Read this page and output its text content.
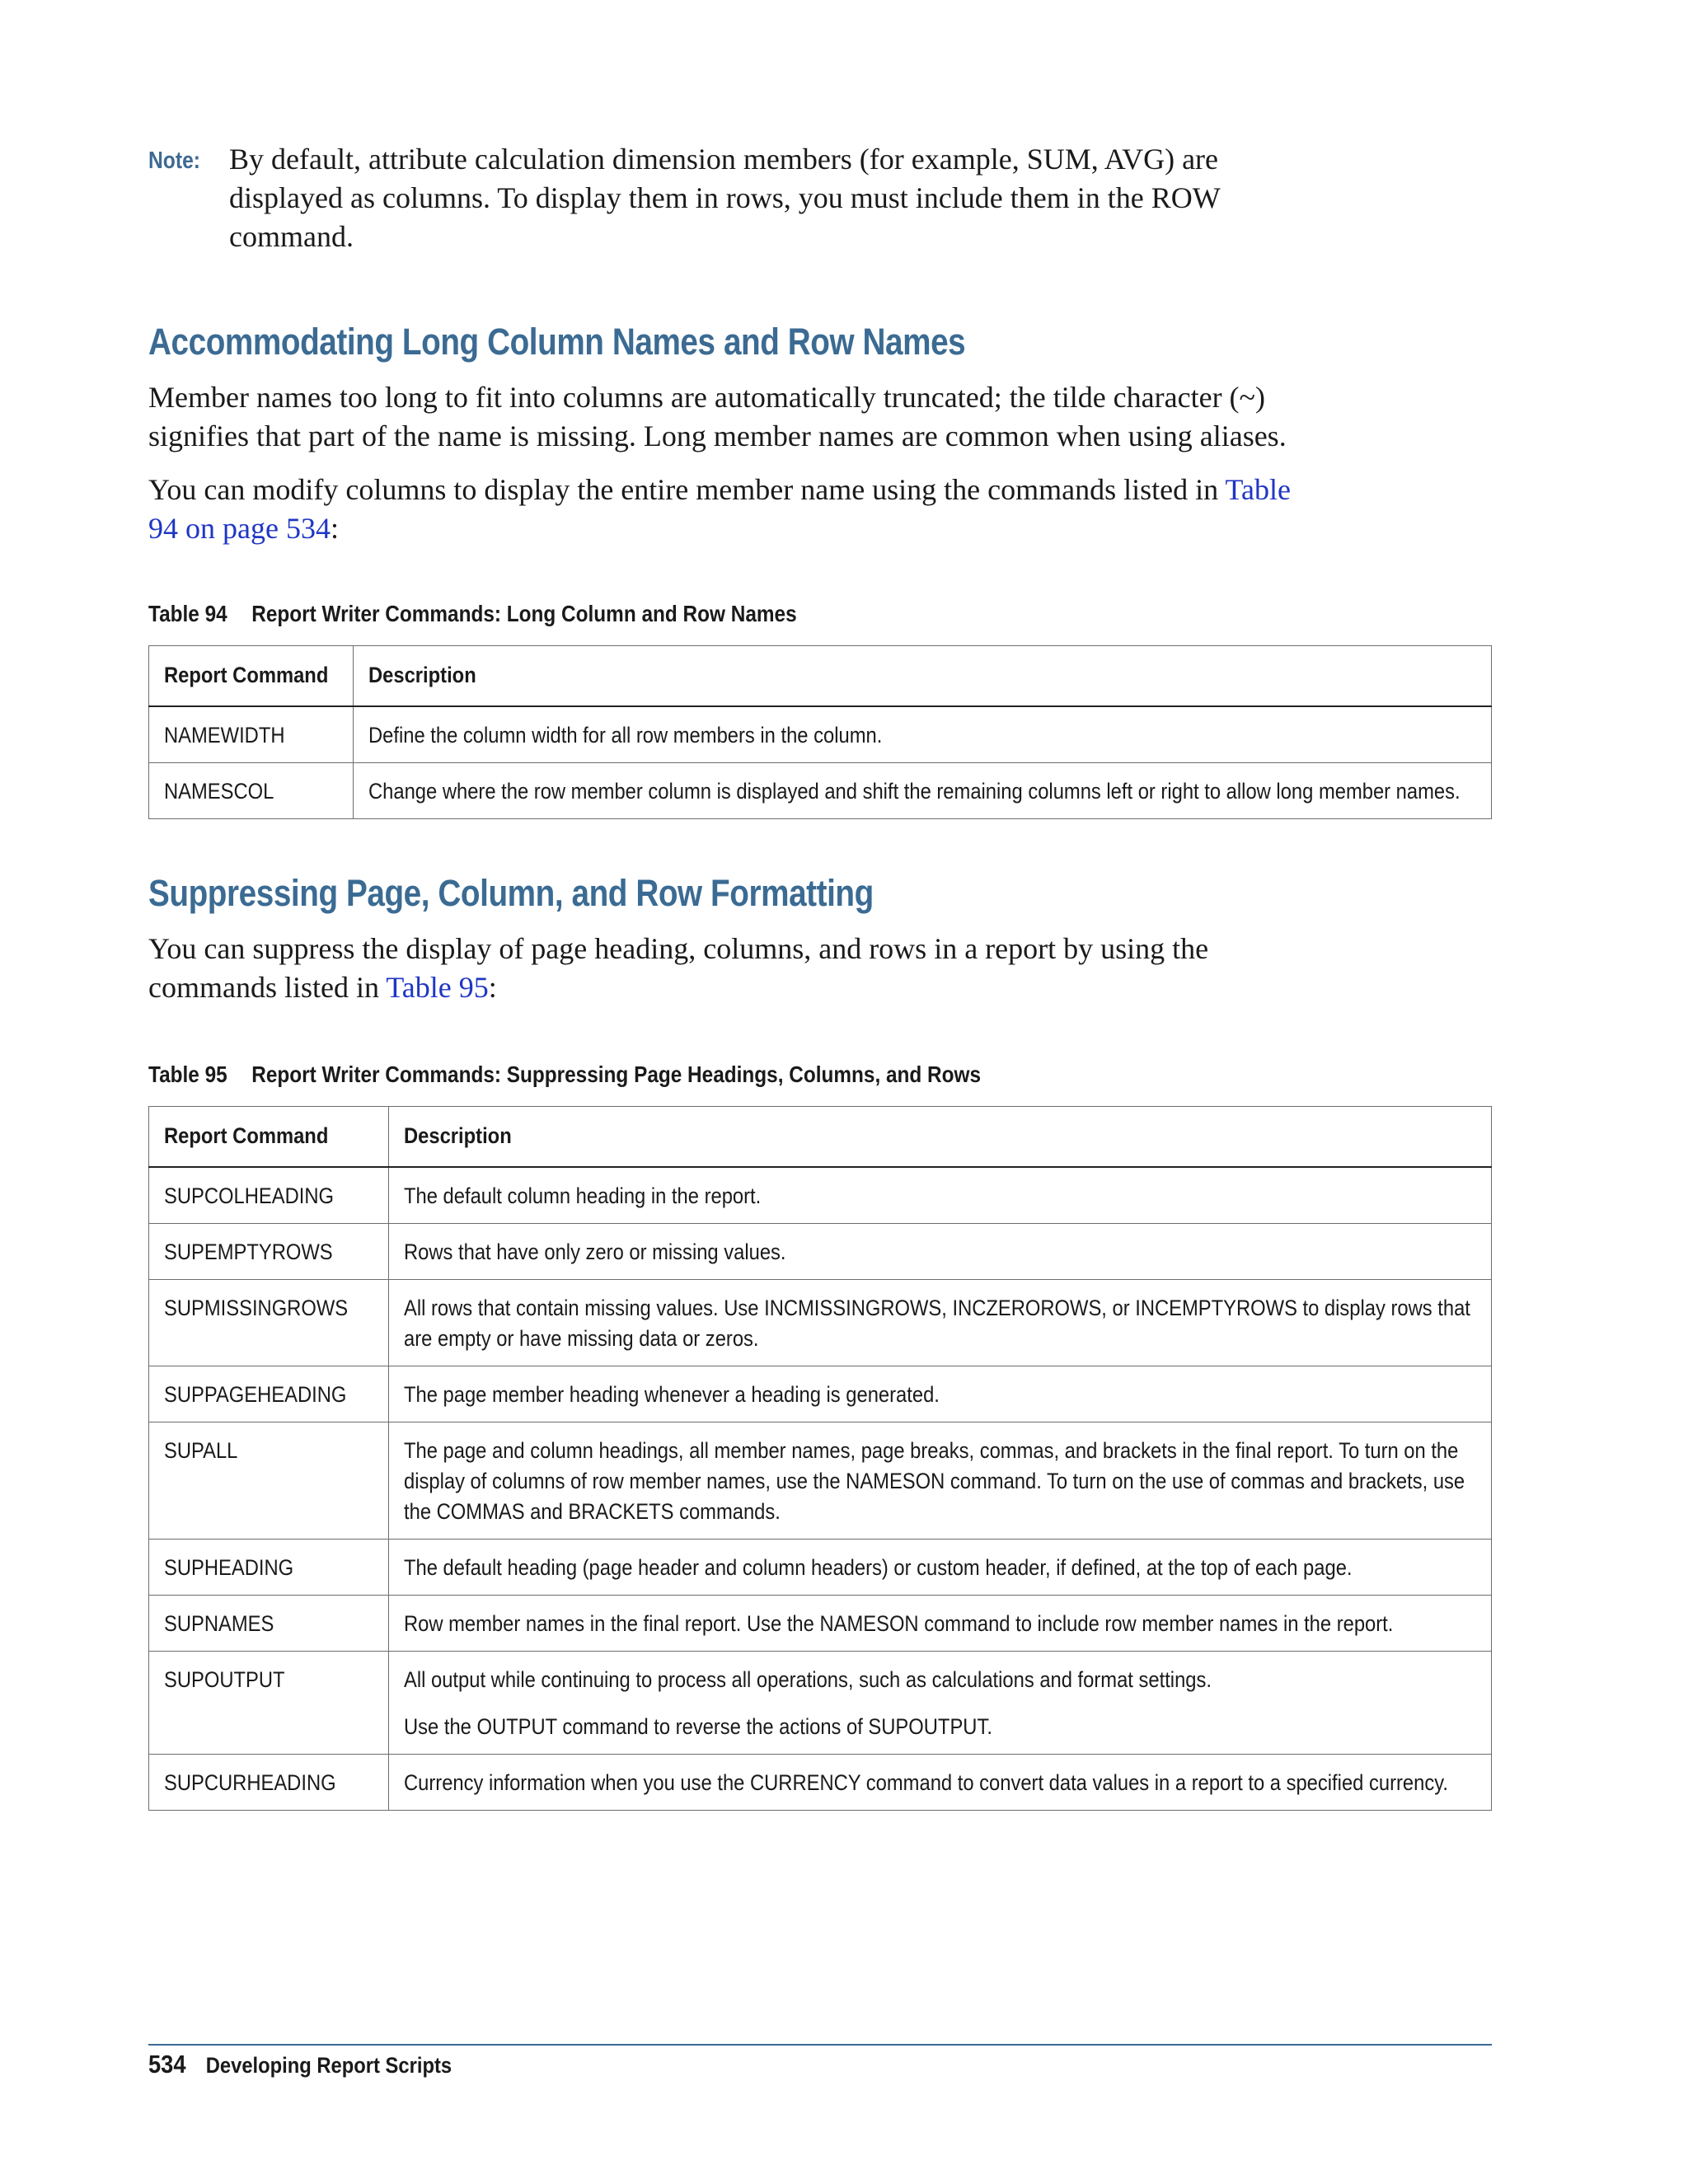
Note: By default, attribute calculation dimension members (for example, SUM, AVG) are displayed as columns. To display them in rows, you must include them in the ROW command.
Accommodating Long Column Names and Row Names

Member names too long to fit into columns are automatically truncated; the tilde character (~) signifies that part of the name is missing. Long member names are common when using aliases.

You can modify columns to display the entire member name using the commands listed in Table 94 on page 534:

Table 94 Report Writer Commands: Long Column and Row Names
Report Command	Description
NAMEWIDTH	Define the column width for all row members in the column.
NAMESCOL	Change where the row member column is displayed and shift the remaining columns left or right to allow long member names.
Suppressing Page, Column, and Row Formatting

You can suppress the display of page heading, columns, and rows in a report by using the commands listed in Table 95:

Table 95 Report Writer Commands: Suppressing Page Headings, Columns, and Rows
Report Command	Description
SUPCOLHEADING	The default column heading in the report.
SUPEMPTYROWS	Rows that have only zero or missing values.
SUPMISSINGROWS	All rows that contain missing values. Use INCMISSINGROWS, INCZEROROWS, or INCEMPTYROWS to display rows that are empty or have missing data or zeros.
SUPPAGEHEADING	The page member heading whenever a heading is generated.
SUPALL	The page and column headings, all member names, page breaks, commas, and brackets in the final report. To turn on the display of columns of row member names, use the NAMESON command. To turn on the use of commas and brackets, use the COMMAS and BRACKETS commands.
SUPHEADING	The default heading (page header and column headers) or custom header, if defined, at the top of each page.
SUPNAMES	Row member names in the final report. Use the NAMESON command to include row member names in the report.
SUPOUTPUT	All output while continuing to process all operations, such as calculations and format settings.

Use the OUTPUT command to reverse the actions of SUPOUTPUT.

SUPCURHEADING	Currency information when you use the CURRENCY command to convert data values in a report to a specified currency.
534 Developing Report Scripts
